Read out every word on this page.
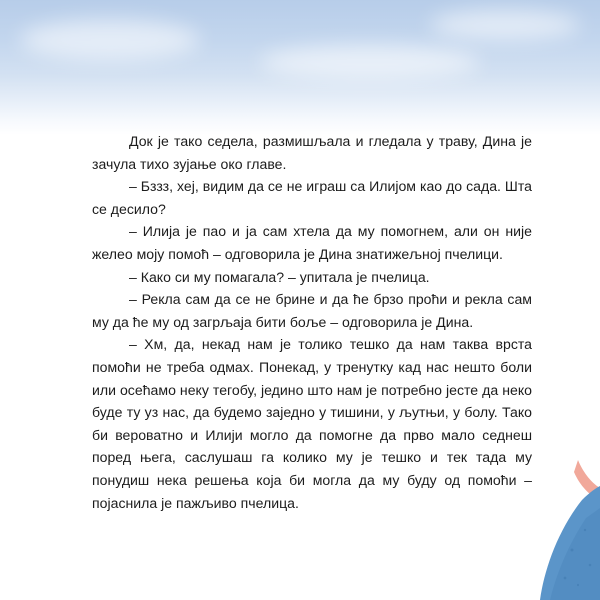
Док је тако седела, размишљала и гледала у траву, Дина је зачула тихо зујање око главе.

– Бззз, хеј, видим да се не играш са Илијом као до сада. Шта се десило?

– Илија је пао и ја сам хтела да му помогнем, али он није желео моју помоћ – одговорила је Дина знатижељној пчелици.

– Како си му помагала? – упитала је пчелица.

– Рекла сам да се не брине и да ће брзо проћи и рекла сам му да ће му од загрљаја бити боље – одговорила је Дина.

– Хм, да, некад нам је толико тешко да нам таква врста помоћи не треба одмах. Понекад, у тренутку кад нас нешто боли или осећамо неку тегобу, једино што нам је потребно јесте да неко буде ту уз нас, да будемо заједно у тишини, у љутњи, у болу. Тако би вероватно и Илији могло да помогне да прво мало седнеш поред њега, саслушаш га колико му је тешко и тек тада му понудиш нека решења која би могла да му буду од помоћи – појаснила је пажљиво пчелица.
